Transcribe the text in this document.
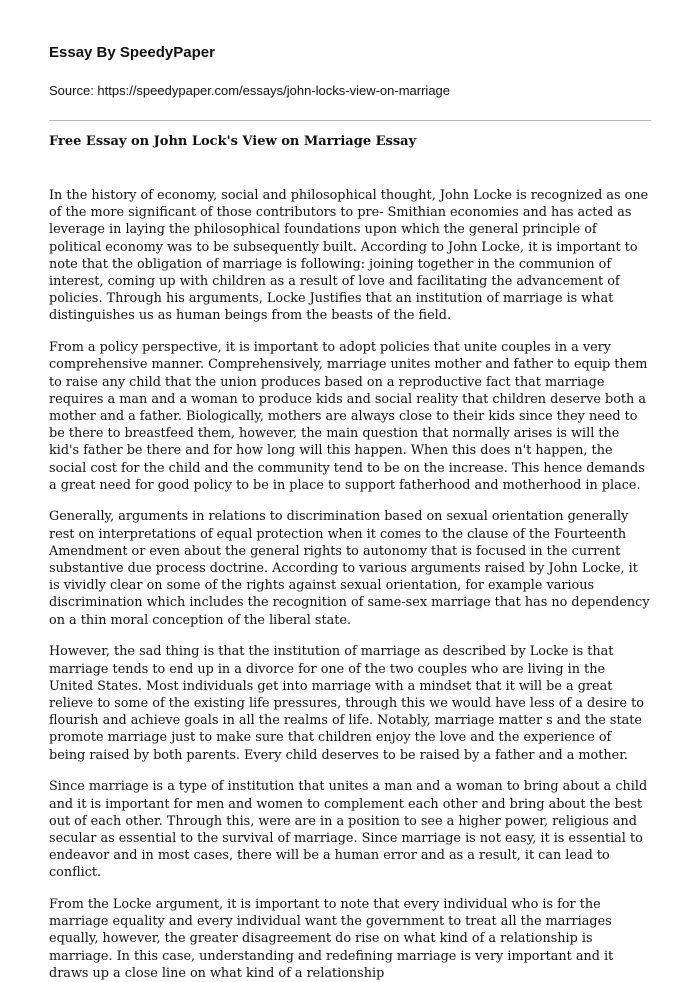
Essay By SpeedyPaper
Source: https://speedypaper.com/essays/john-locks-view-on-marriage
Free Essay on John Lock's View on Marriage Essay

In the history of economy, social and philosophical thought, John Locke is recognized as one of the more significant of those contributors to pre- Smithian economies and has acted as leverage in laying the philosophical foundations upon which the general principle of political economy was to be subsequently built. According to John Locke, it is important to note that the obligation of marriage is following: joining together in the communion of interest, coming up with children as a result of love and facilitating the advancement of policies. Through his arguments, Locke Justifies that an institution of marriage is what distinguishes us as human beings from the beasts of the field.

From a policy perspective, it is important to adopt policies that unite couples in a very comprehensive manner. Comprehensively, marriage unites mother and father to equip them to raise any child that the union produces based on a reproductive fact that marriage requires a man and a woman to produce kids and social reality that children deserve both a mother and a father. Biologically, mothers are always close to their kids since they need to be there to breastfeed them, however, the main question that normally arises is will the kid's father be there and for how long will this happen. When this does n't happen, the social cost for the child and the community tend to be on the increase. This hence demands a great need for good policy to be in place to support fatherhood and motherhood in place.

Generally, arguments in relations to discrimination based on sexual orientation generally rest on interpretations of equal protection when it comes to the clause of the Fourteenth Amendment or even about the general rights to autonomy that is focused in the current substantive due process doctrine. According to various arguments raised by John Locke, it is vividly clear on some of the rights against sexual orientation, for example various discrimination which includes the recognition of same-sex marriage that has no dependency on a thin moral conception of the liberal state.

However, the sad thing is that the institution of marriage as described by Locke is that marriage tends to end up in a divorce for one of the two couples who are living in the United States. Most individuals get into marriage with a mindset that it will be a great relieve to some of the existing life pressures, through this we would have less of a desire to flourish and achieve goals in all the realms of life. Notably, marriage matter s and the state promote marriage just to make sure that children enjoy the love and the experience of being raised by both parents. Every child deserves to be raised by a father and a mother.

Since marriage is a type of institution that unites a man and a woman to bring about a child and it is important for men and women to complement each other and bring about the best out of each other. Through this, were are in a position to see a higher power, religious and secular as essential to the survival of marriage. Since marriage is not easy, it is essential to endeavor and in most cases, there will be a human error and as a result, it can lead to conflict.

From the Locke argument, it is important to note that every individual who is for the marriage equality and every individual want the government to treat all the marriages equally, however, the greater disagreement do rise on what kind of a relationship is marriage. In this case, understanding and redefining marriage is very important and it draws up a close line on what kind of a relationship
